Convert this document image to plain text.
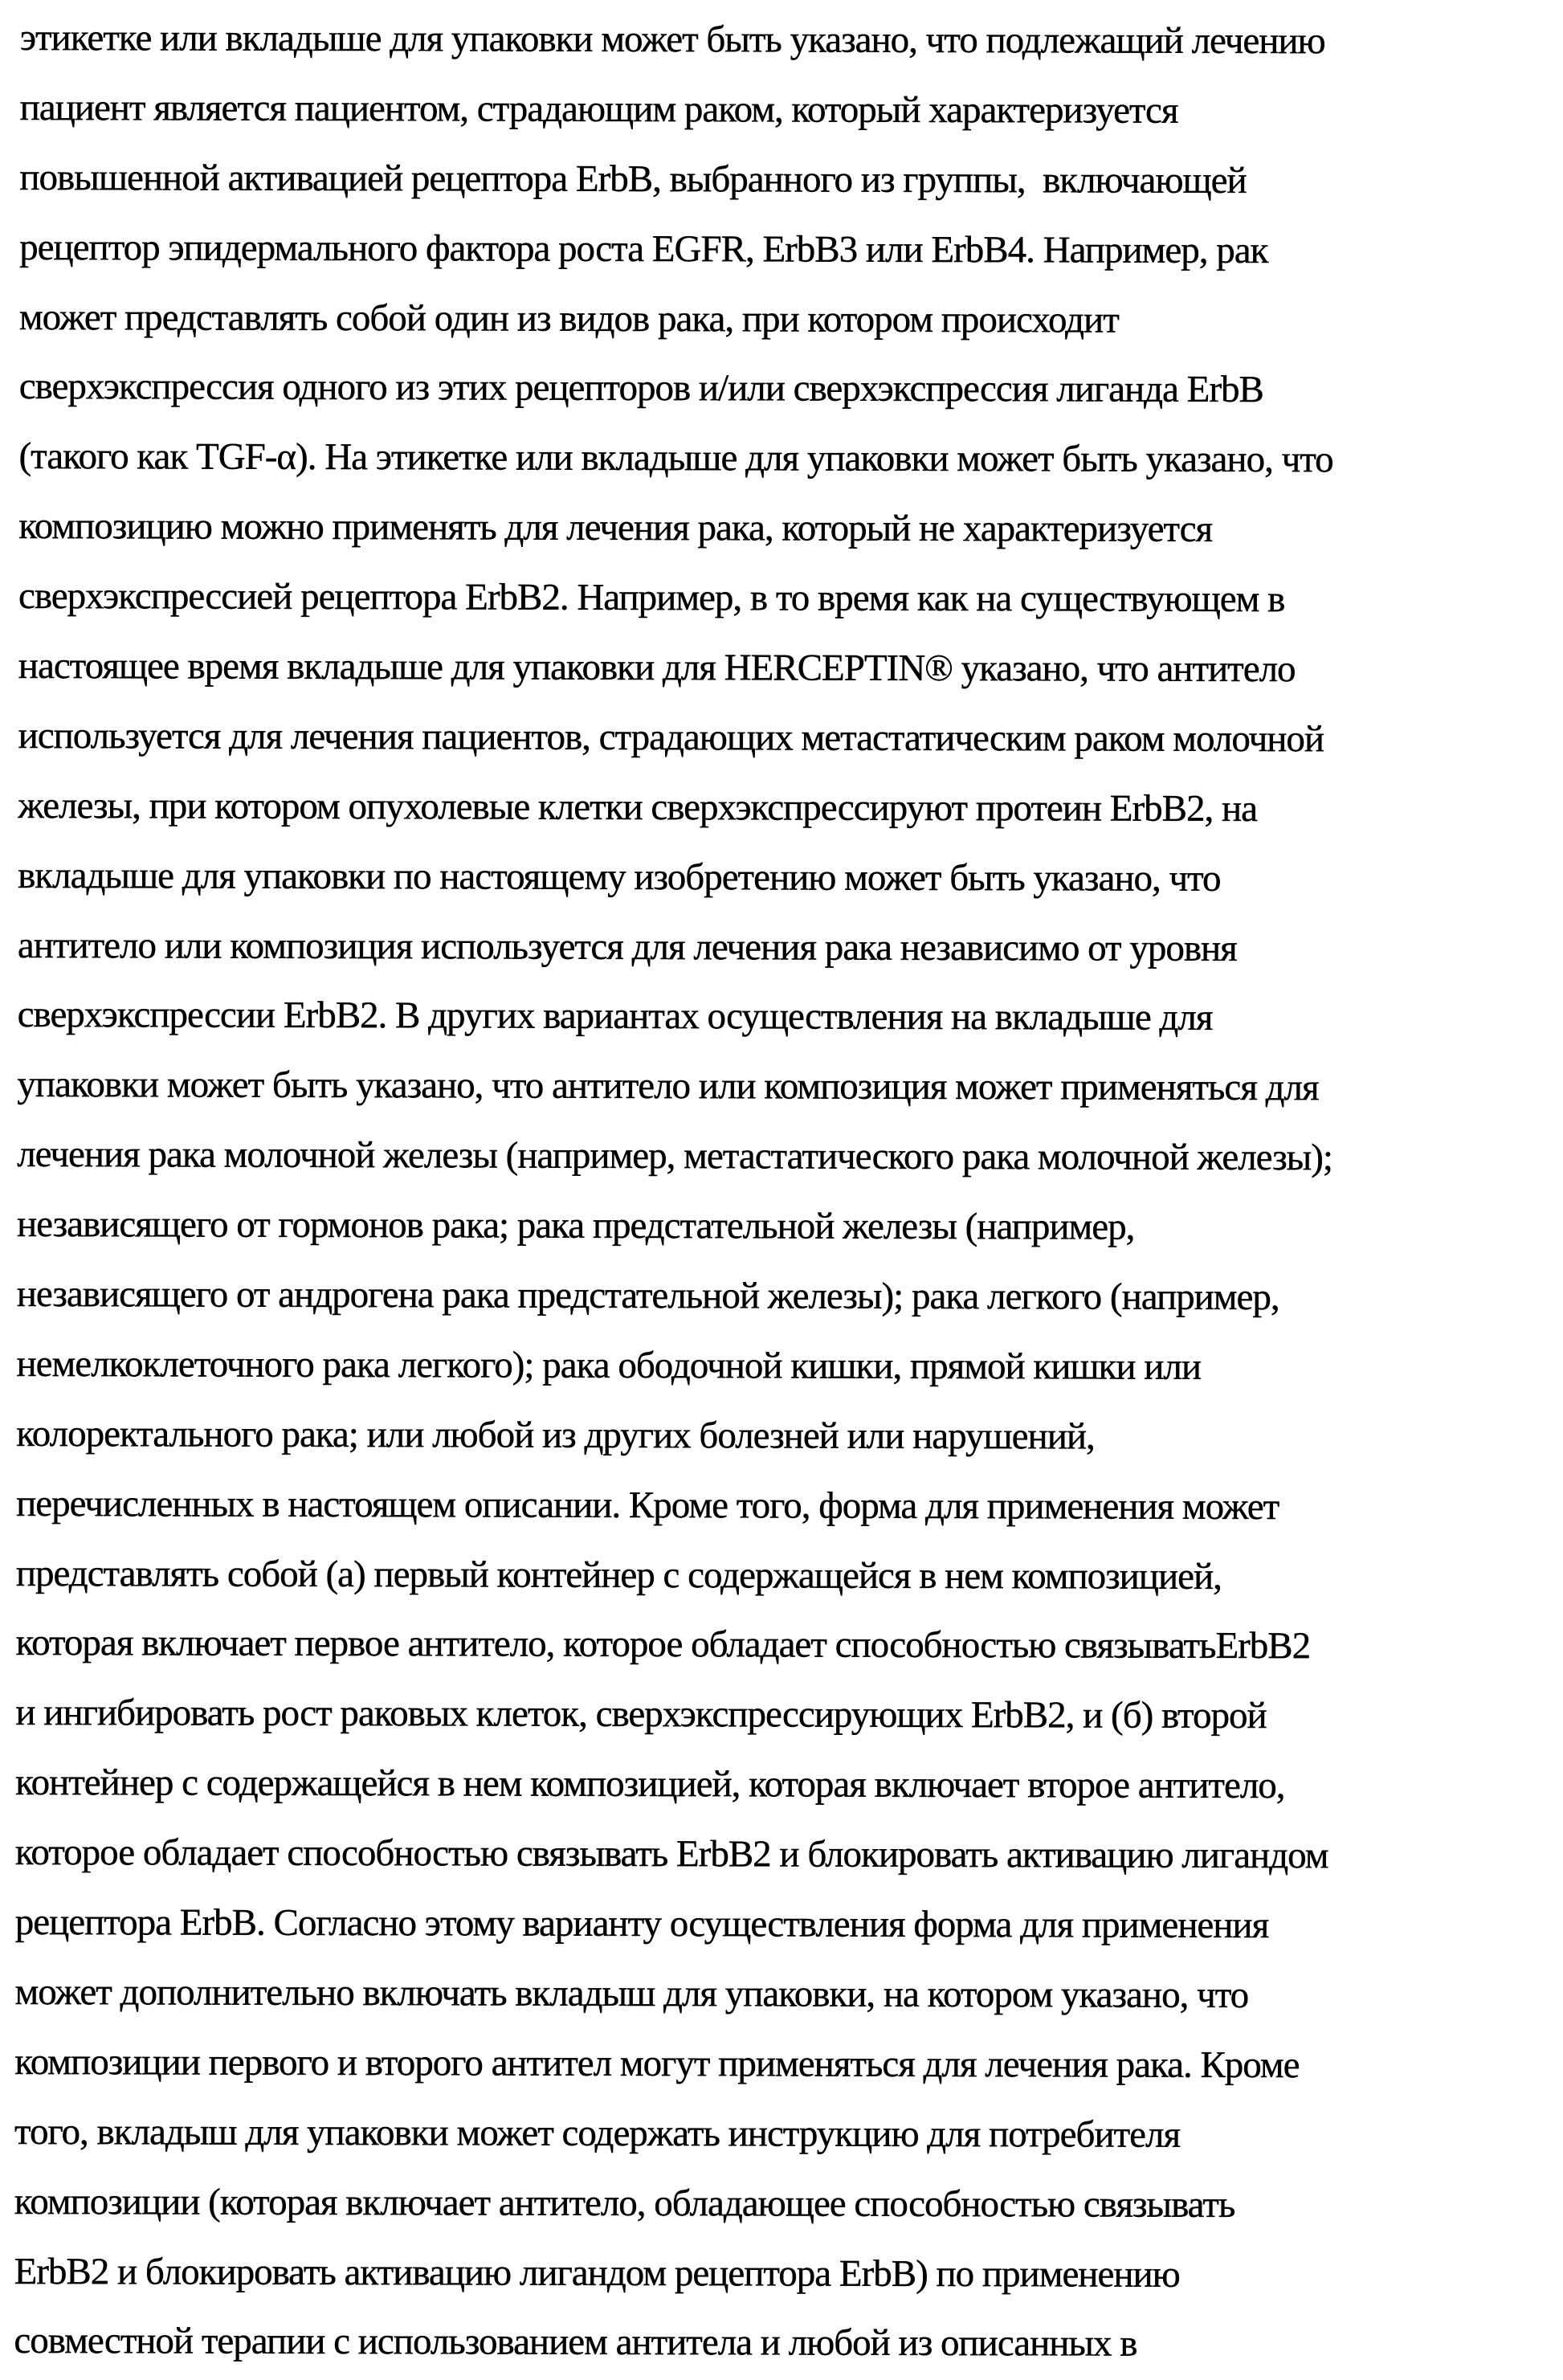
этикетке или вкладыше для упаковки может быть указано, что подлежащий лечению
пациент является пациентом, страдающим раком, который характеризуется
повышенной активацией рецептора ErbB, выбранного из группы,  включающей
рецептор эпидермального фактора роста EGFR, ErbB3 или ErbB4. Например, рак
может представлять собой один из видов рака, при котором происходит
сверхэкспрессия одного из этих рецепторов и/или сверхэкспрессия лиганда ErbB
(такого как TGF-α). На этикетке или вкладыше для упаковки может быть указано, что
композицию можно применять для лечения рака, который не характеризуется
сверхэкспрессией рецептора ErbB2. Например, в то время как на существующем в
настоящее время вкладыше для упаковки для HERCEPTIN® указано, что антитело
используется для лечения пациентов, страдающих метастатическим раком молочной
железы, при котором опухолевые клетки сверхэкспрессируют протеин ErbB2, на
вкладыше для упаковки по настоящему изобретению может быть указано, что
антитело или композиция используется для лечения рака независимо от уровня
сверхэкспрессии ErbB2. В других вариантах осуществления на вкладыше для
упаковки может быть указано, что антитело или композиция может применяться для
лечения рака молочной железы (например, метастатического рака молочной железы);
независящего от гормонов рака; рака предстательной железы (например,
независящего от андрогена рака предстательной железы); рака легкого (например,
немелкоклеточного рака легкого); рака ободочной кишки, прямой кишки или
колоректального рака; или любой из других болезней или нарушений,
перечисленных в настоящем описании. Кроме того, форма для применения может
представлять собой (а) первый контейнер с содержащейся в нем композицией,
которая включает первое антитело, которое обладает способностью связыватьErbB2
и ингибировать рост раковых клеток, сверхэкспрессирующих ErbB2, и (б) второй
контейнер с содержащейся в нем композицией, которая включает второе антитело,
которое обладает способностью связывать ErbB2 и блокировать активацию лигандом
рецептора ErbB. Согласно этому варианту осуществления форма для применения
может дополнительно включать вкладыш для упаковки, на котором указано, что
композиции первого и второго антител могут применяться для лечения рака. Кроме
того, вкладыш для упаковки может содержать инструкцию для потребителя
композиции (которая включает антитело, обладающее способностью связывать
ErbB2 и блокировать активацию лигандом рецептора ErbB) по применению
совместной терапии с использованием антитела и любой из описанных в
